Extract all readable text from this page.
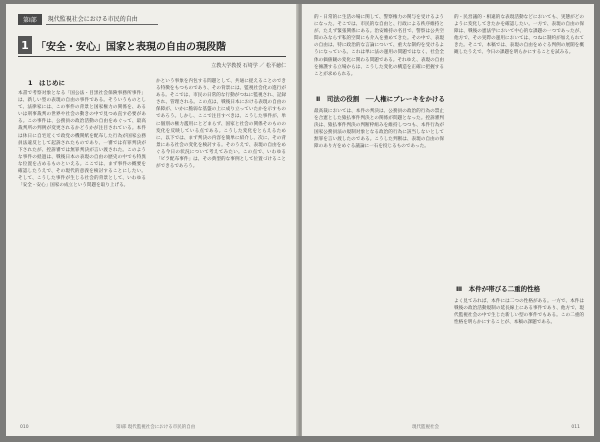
第Ⅰ部	現代監視社会における市民的自由
1 「安全・安心」国家と表現の自由の現段階
立教大学教授 石埼学 ／ 松平徳仁
1　はじめに
本書で考察対象となる「国公法・目黒社会保険事務所事件」は、新しい型の表現の自由の事件である。そういうものとして、法律家には、この事件の背景と国家権力の関係を、あるいは刑事裁判の世界や社会の動きの中で見つめ直す必要がある。この事件は、公務員の政治活動の自由をめぐって、最高裁判所の判例が変更されるかどうかが注目されている。本件は休日に自宅近くで政党の機関紙を配布した行為が国家公務員法違反として起訴されたものであり、一審では有罪判決が下されたが、控訴審では無罪判決が言い渡された。このような事件の経過は、戦後日本の表現の自由の歴史の中でも特異な位置を占めるものといえる。ここでは、まず事件の概要を確認したうえで、その現代的意義を検討することにしたい。そして、こうした事件が生じる社会的背景として、いわゆる「安全・安心」国家の成立という問題を取り上げる。
かという事象を内包する問題として、共通に捉えることのできる特徴をもつものであり、その背景には、監視社会化の進行がある。そこでは、市民の日常的な行動がつねに監視され、記録され、管理される。この点は、戦後日本における表現の自由の保障が、いかに脆弱な基盤の上に成り立っていたかを示すものであろう。しかし、ここで注目すべきは、こうした事件が、単に個別の権力濫用にとどまらず、国家と社会の関係そのものの変化を反映している点である。こうした変化をとらえるために、以下では、まず判決の内容を簡単に紹介し、次に、その背景にある社会の変化を検討する。そのうえで、表現の自由をめぐる今日の状況について考えてみたい。この点で、いわゆる「ビラ配布事件」は、その典型的な事例として位置づけることができるであろう。
010	第Ⅰ部 現代監視社会における市民的自由
的・日常的に生活の場に関して、警察権力の関与を受けるようになった。そこでは、市民的な自由と、行政による秩序維持とが、たえず緊張関係にある。治安維持の名目で、警察は公共空間のみならず私的空間にも介入を強めてきた。その中で、表現の自由は、特に政治的な言論について、重大な制約を受けるようになっている。これは単に法の運用の問題ではなく、社会全体の価値観の変化に関わる問題である。それゆえ、表現の自由を擁護する立場からは、こうした変化の構造を正確に把握することが求められる。
Ⅱ　司法の役割　──人権にブレーキをかける
最高裁においては、本件の判決は、公務員の政治的行為の禁止を合憲とした猿払事件判決との関係が問題となった。控訴審判決は、猿払事件判決の判断枠組みを維持しつつも、本件行為が国家公務員法の規制対象となる政治的行為に該当しないとして無罪を言い渡したのである。こうした判断は、表現の自由の保障のあり方をめぐる議論に一石を投じるものであった。
的・民営議的・相違的な表現活動などにおいても、実態がどのように変化してきたかを確認したい。一方で、表現の自由の保障は、戦後の憲法学において中心的な課題の一つであったが、他方で、その実際の運用においては、つねに制約が加えられてきた。そこで、本稿では、表現の自由をめぐる判例の展開を概観したうえで、今日の課題を明らかにすることを試みる。
Ⅲ　本件が帯びる二重的性格
よく見てみれば、本件には二つの性格がある。一方で、本件は戦後の政治活動規制の延長線上にある事件であり、他方で、現代監視社会の中で生じた新しい型の事件でもある。この二重的性格を明らかにすることが、本稿の課題である。
現代監視社会	011
